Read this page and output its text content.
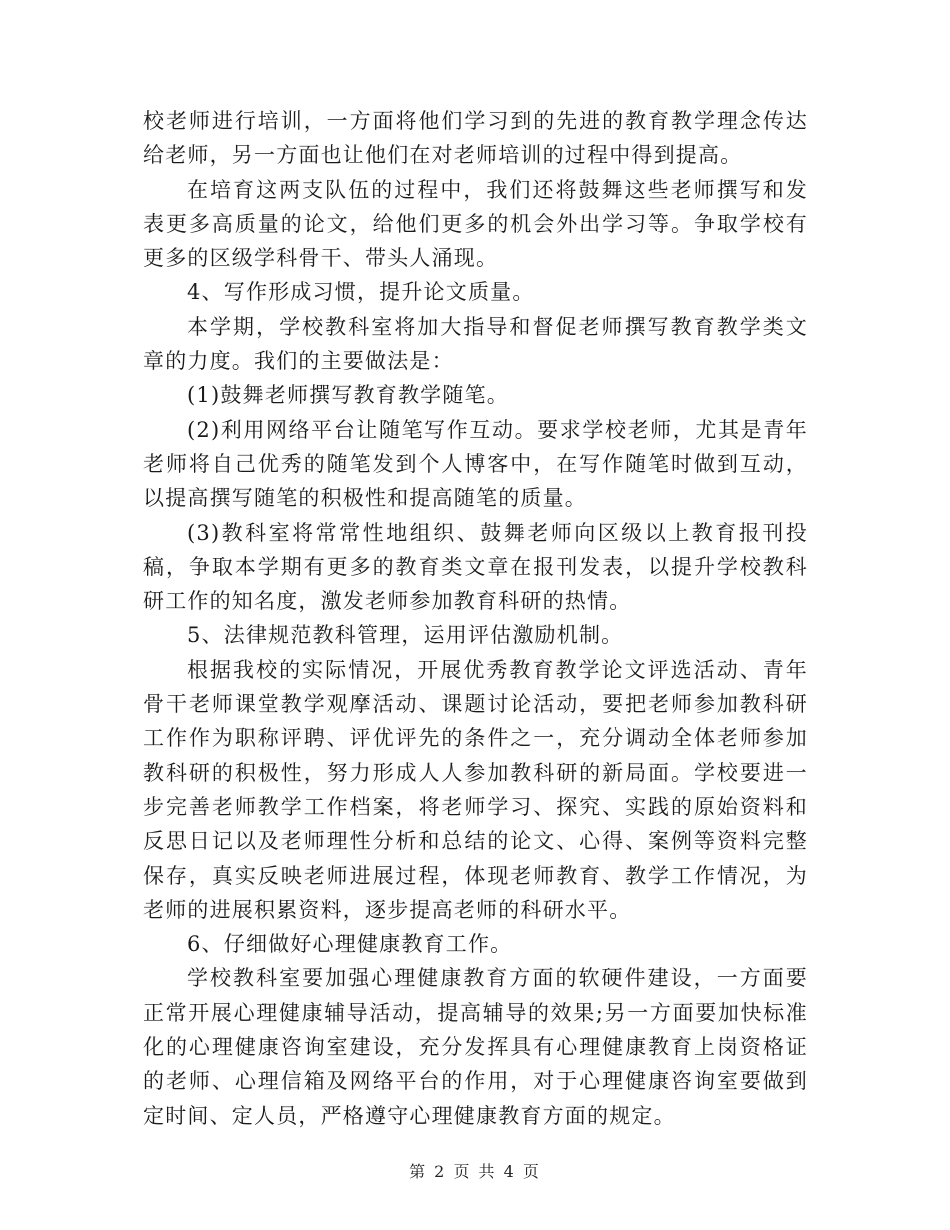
校老师进行培训，一方面将他们学习到的先进的教育教学理念传达给老师，另一方面也让他们在对老师培训的过程中得到提高。

在培育这两支队伍的过程中，我们还将鼓舞这些老师撰写和发表更多高质量的论文，给他们更多的机会外出学习等。争取学校有更多的区级学科骨干、带头人涌现。

4、写作形成习惯，提升论文质量。

本学期，学校教科室将加大指导和督促老师撰写教育教学类文章的力度。我们的主要做法是：

(1)鼓舞老师撰写教育教学随笔。

(2)利用网络平台让随笔写作互动。要求学校老师，尤其是青年老师将自己优秀的随笔发到个人博客中，在写作随笔时做到互动，以提高撰写随笔的积极性和提高随笔的质量。

(3)教科室将常常性地组织、鼓舞老师向区级以上教育报刊投稿，争取本学期有更多的教育类文章在报刊发表，以提升学校教科研工作的知名度，激发老师参加教育科研的热情。

5、法律规范教科管理，运用评估激励机制。

根据我校的实际情况，开展优秀教育教学论文评选活动、青年骨干老师课堂教学观摩活动、课题讨论活动，要把老师参加教科研工作作为职称评聘、评优评先的条件之一，充分调动全体老师参加教科研的积极性，努力形成人人参加教科研的新局面。学校要进一步完善老师教学工作档案，将老师学习、探究、实践的原始资料和反思日记以及老师理性分析和总结的论文、心得、案例等资料完整保存，真实反映老师进展过程，体现老师教育、教学工作情况，为老师的进展积累资料，逐步提高老师的科研水平。

6、仔细做好心理健康教育工作。

学校教科室要加强心理健康教育方面的软硬件建设，一方面要正常开展心理健康辅导活动，提高辅导的效果;另一方面要加快标准化的心理健康咨询室建设，充分发挥具有心理健康教育上岗资格证的老师、心理信箱及网络平台的作用，对于心理健康咨询室要做到定时间、定人员，严格遵守心理健康教育方面的规定。

第 2 页 共 4 页
